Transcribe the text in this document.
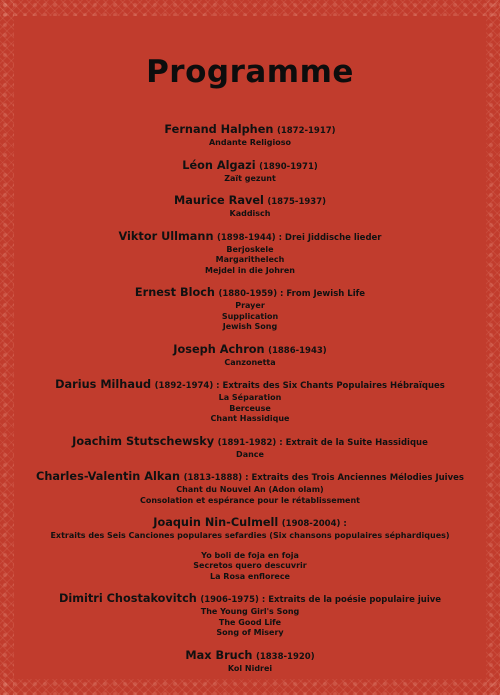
Programme
Fernand Halphen (1872-1917)
Andante Religioso
Léon Algazi (1890-1971)
Zaït gezunt
Maurice Ravel (1875-1937)
Kaddisch
Viktor Ullmann (1898-1944) : Drei Jiddische lieder
Berjoskele
Margarithelech
Mejdel in die Johren
Ernest Bloch (1880-1959) : From Jewish Life
Prayer
Supplication
Jewish Song
Joseph Achron (1886-1943)
Canzonetta
Darius Milhaud (1892-1974) : Extraits des Six Chants Populaires Hébraïques
La Séparation
Berceuse
Chant Hassidique
Joachim Stutschewsky (1891-1982) : Extrait de la Suite Hassidique
Dance
Charles-Valentin Alkan (1813-1888) : Extraits des Trois Anciennes Mélodies Juives
Chant du Nouvel An (Adon olam)
Consolation et espérance pour le rétablissement
Joaquin Nin-Culmell (1908-2004) :
Extraits des Seis Canciones populares sefardies (Six chansons populaires séphardiques)
Yo boli de foja en foja
Secretos quero descuvrir
La Rosa enflorece
Dimitri Chostakovitch (1906-1975) : Extraits de la poésie populaire juive
The Young Girl's Song
The Good Life
Song of Misery
Max Bruch (1838-1920)
Kol Nidrei
